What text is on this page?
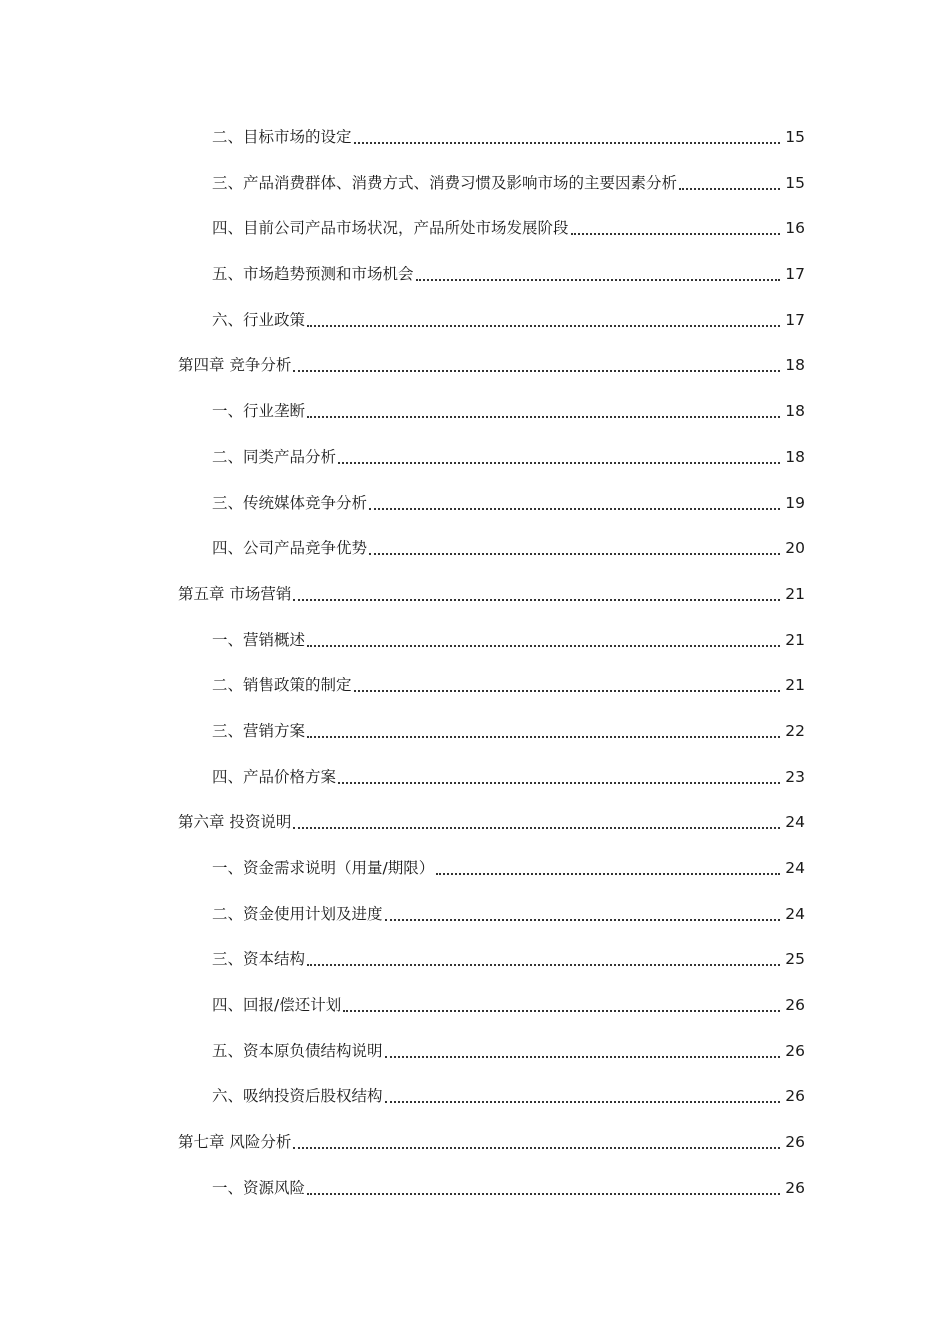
二、目标市场的设定	15
三、产品消费群体、消费方式、消费习惯及影响市场的主要因素分析	15
四、目前公司产品市场状况，产品所处市场发展阶段	16
五、市场趋势预测和市场机会	17
六、行业政策	17
第四章 竞争分析	18
一、行业垄断	18
二、同类产品分析	18
三、传统媒体竞争分析	19
四、公司产品竞争优势	20
第五章 市场营销	21
一、营销概述	21
二、销售政策的制定	21
三、营销方案	22
四、产品价格方案	23
第六章 投资说明	24
一、资金需求说明（用量/期限）	24
二、资金使用计划及进度	24
三、资本结构	25
四、回报/偿还计划	26
五、资本原负债结构说明	26
六、吸纳投资后股权结构	26
第七章 风险分析	26
一、资源风险	26
